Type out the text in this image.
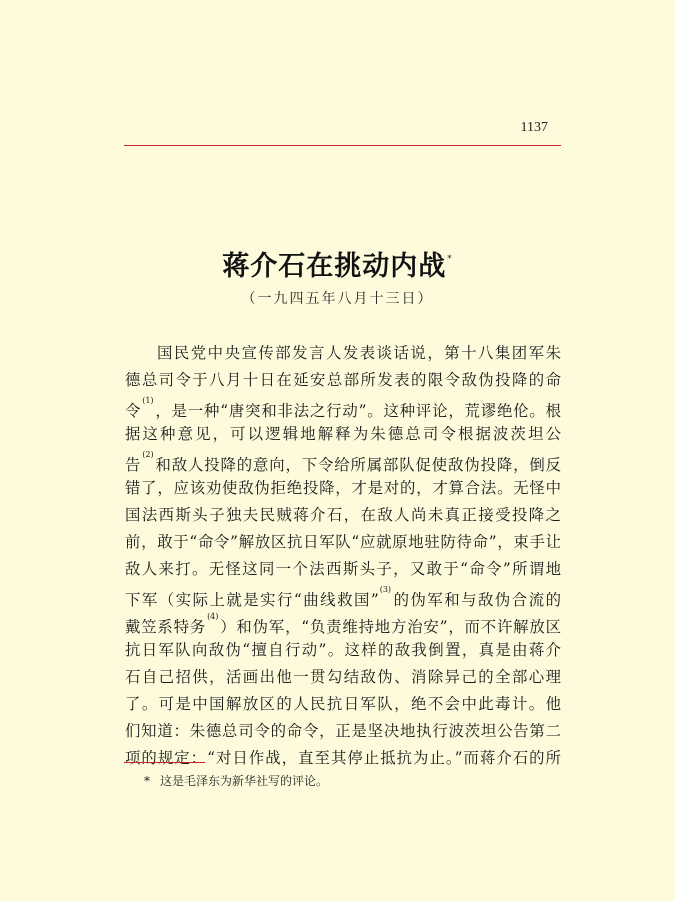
1137
蒋介石在挑动内战*
（一九四五年八月十三日）
国民党中央宣传部发言人发表谈话说，第十八集团军朱
德总司令于八月十日在延安总部所发表的限令敌伪投降的命
令$^{(1)}$，是一种“唐突和非法之行动”。这种评论，荒谬绝伦。根
据这种意见，可以逻辑地解释为朱德总司令根据波茨坦公
告$^{(2)}$和敌人投降的意向，下令给所属部队促使敌伪投降，倒反
错了，应该劝使敌伪拒绝投降，才是对的，才算合法。无怪中
国法西斯头子独夫民贼蒋介石，在敌人尚未真正接受投降之
前，敢于“命令”解放区抗日军队“应就原地驻防待命”，束手让
敌人来打。无怪这同一个法西斯头子，又敢于“命令”所谓地
下军（实际上就是实行“曲线救国”$^{(3)}$的伪军和与敌伪合流的
戴笠系特务$^{(4)}$）和伪军，“负责维持地方治安”，而不许解放区
抗日军队向敌伪“擅自行动”。这样的敌我倒置，真是由蒋介
石自己招供，活画出他一贯勾结敌伪、消除异己的全部心理
了。可是中国解放区的人民抗日军队，绝不会中此毒计。他
们知道：朱德总司令的命令，正是坚决地执行波茨坦公告第二
项的规定：“对日作战，直至其停止抵抗为止。”而蒋介石的所
* 这是毛泽东为新华社写的评论。
